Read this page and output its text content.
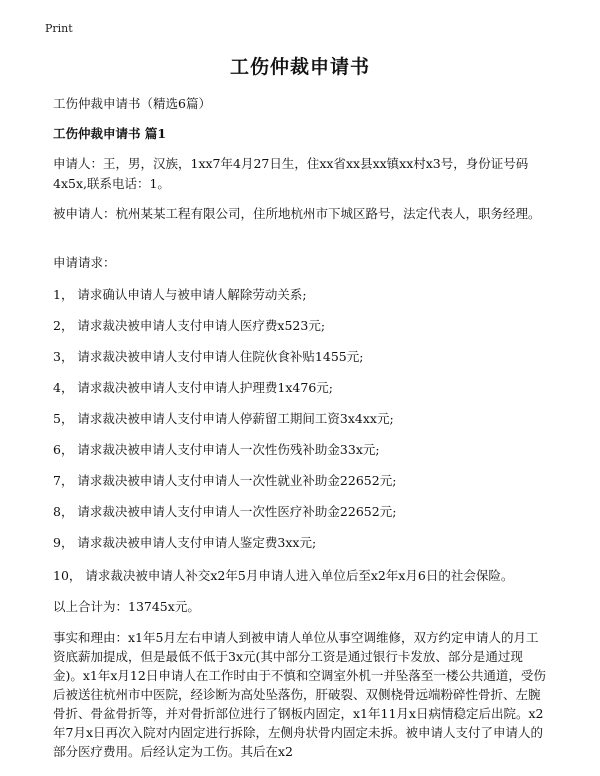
Print
工伤仲裁申请书
工伤仲裁申请书（精选6篇）
工伤仲裁申请书 篇1
申请人：王，男，汉族，1xx7年4月27日生，住xx省xx县xx镇xx村x3号，身份证号码4x5x,联系电话：1。
被申请人：杭州某某工程有限公司，住所地杭州市下城区路号，法定代表人，职务经理。
申请请求：
1， 请求确认申请人与被申请人解除劳动关系;
2， 请求裁决被申请人支付申请人医疗费x523元;
3， 请求裁决被申请人支付申请人住院伙食补贴1455元;
4， 请求裁决被申请人支付申请人护理费1x476元;
5， 请求裁决被申请人支付申请人停薪留工期间工资3x4xx元;
6， 请求裁决被申请人支付申请人一次性伤残补助金33x元;
7， 请求裁决被申请人支付申请人一次性就业补助金22652元;
8， 请求裁决被申请人支付申请人一次性医疗补助金22652元;
9， 请求裁决被申请人支付申请人鉴定费3xx元;
10， 请求裁决被申请人补交x2年5月申请人进入单位后至x2年x月6日的社会保险。
以上合计为：13745x元。
事实和理由：x1年5月左右申请人到被申请人单位从事空调维修，双方约定申请人的月工资底薪加提成，但是最低不低于3x元(其中部分工资是通过银行卡发放、部分是通过现金)。x1年x月12日申请人在工作时由于不慎和空调室外机一并坠落至一楼公共通道，受伤后被送往杭州市中医院，经诊断为高处坠落伤，肝破裂、双侧桡骨远端粉碎性骨折、左腕骨折、骨盆骨折等，并对骨折部位进行了钢板内固定，x1年11月x日病情稳定后出院。x2年7月x日再次入院对内固定进行拆除，左侧舟状骨内固定未拆。被申请人支付了申请人的部分医疗费用。后经认定为工伤。其后在x2
